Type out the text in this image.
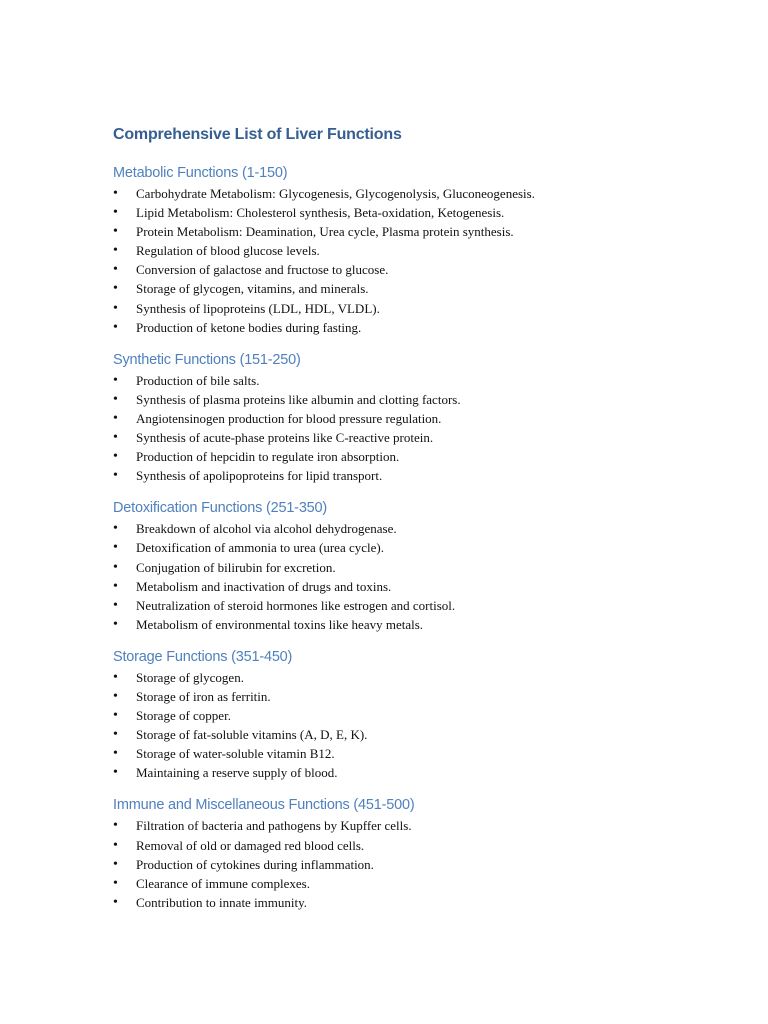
Comprehensive List of Liver Functions
Metabolic Functions (1-150)
• Carbohydrate Metabolism: Glycogenesis, Glycogenolysis, Gluconeogenesis.
• Lipid Metabolism: Cholesterol synthesis, Beta-oxidation, Ketogenesis.
• Protein Metabolism: Deamination, Urea cycle, Plasma protein synthesis.
• Regulation of blood glucose levels.
• Conversion of galactose and fructose to glucose.
• Storage of glycogen, vitamins, and minerals.
• Synthesis of lipoproteins (LDL, HDL, VLDL).
• Production of ketone bodies during fasting.
Synthetic Functions (151-250)
• Production of bile salts.
• Synthesis of plasma proteins like albumin and clotting factors.
• Angiotensinogen production for blood pressure regulation.
• Synthesis of acute-phase proteins like C-reactive protein.
• Production of hepcidin to regulate iron absorption.
• Synthesis of apolipoproteins for lipid transport.
Detoxification Functions (251-350)
• Breakdown of alcohol via alcohol dehydrogenase.
• Detoxification of ammonia to urea (urea cycle).
• Conjugation of bilirubin for excretion.
• Metabolism and inactivation of drugs and toxins.
• Neutralization of steroid hormones like estrogen and cortisol.
• Metabolism of environmental toxins like heavy metals.
Storage Functions (351-450)
• Storage of glycogen.
• Storage of iron as ferritin.
• Storage of copper.
• Storage of fat-soluble vitamins (A, D, E, K).
• Storage of water-soluble vitamin B12.
• Maintaining a reserve supply of blood.
Immune and Miscellaneous Functions (451-500)
• Filtration of bacteria and pathogens by Kupffer cells.
• Removal of old or damaged red blood cells.
• Production of cytokines during inflammation.
• Clearance of immune complexes.
• Contribution to innate immunity.
